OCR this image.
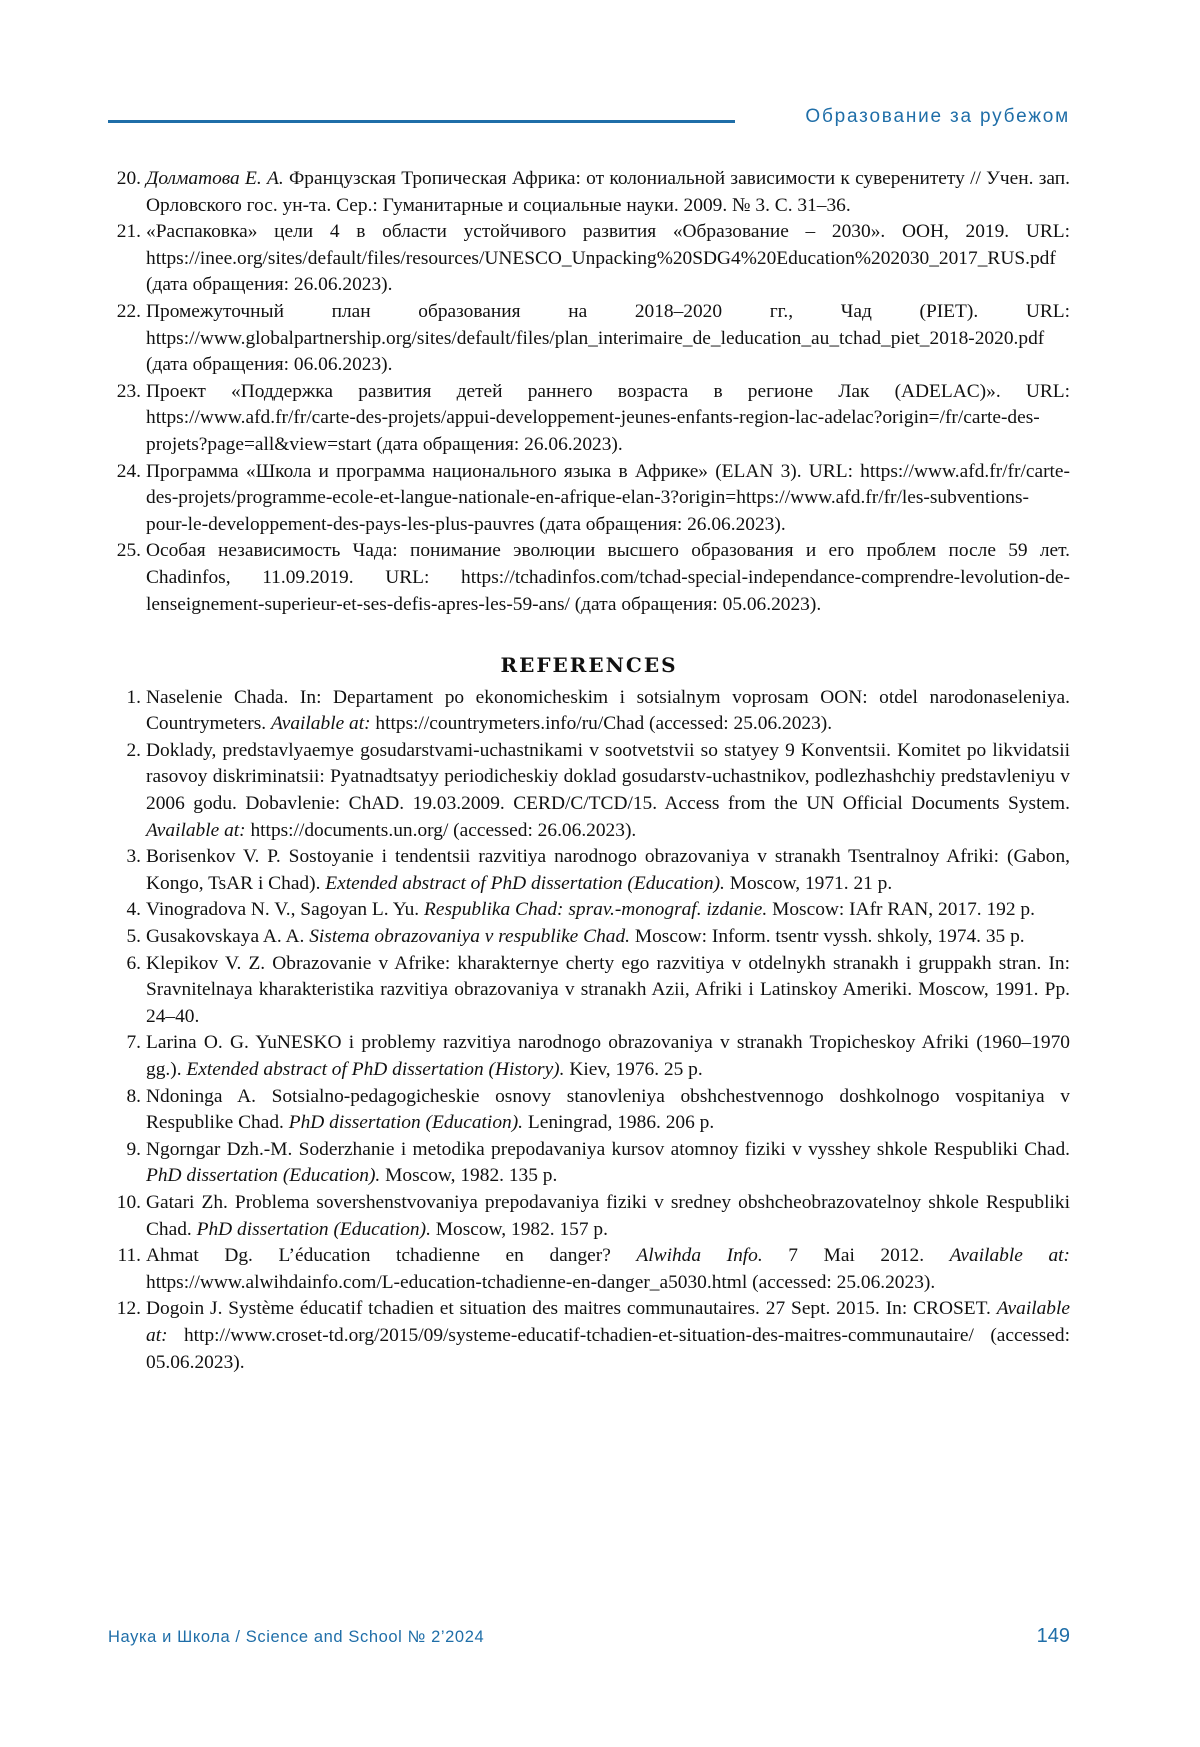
Образование за рубежом
20. Долматова Е. А. Французская Тропическая Африка: от колониальной зависимости к суверенитету // Учен. зап. Орловского гос. ун-та. Сер.: Гуманитарные и социальные науки. 2009. № 3. С. 31–36.
21. «Распаковка» цели 4 в области устойчивого развития «Образование – 2030». ООН, 2019. URL: https://inee.org/sites/default/files/resources/UNESCO_Unpacking%20SDG4%20Education%202030_2017_RUS.pdf (дата обращения: 26.06.2023).
22. Промежуточный план образования на 2018–2020 гг., Чад (PIET). URL: https://www.globalpartnership.org/sites/default/files/plan_interimaire_de_leducation_au_tchad_piet_2018-2020.pdf (дата обращения: 06.06.2023).
23. Проект «Поддержка развития детей раннего возраста в регионе Лак (ADELAC)». URL: https://www.afd.fr/fr/carte-des-projets/appui-developpement-jeunes-enfants-region-lac-adelac?origin=/fr/carte-des-projets?page=all&view=start (дата обращения: 26.06.2023).
24. Программа «Школа и программа национального языка в Африке» (ELAN 3). URL: https://www.afd.fr/fr/carte-des-projets/programme-ecole-et-langue-nationale-en-afrique-elan-3?origin=https://www.afd.fr/fr/les-subventions-pour-le-developpement-des-pays-les-plus-pauvres (дата обращения: 26.06.2023).
25. Особая независимость Чада: понимание эволюции высшего образования и его проблем после 59 лет. Chadinfos, 11.09.2019. URL: https://tchadinfos.com/tchad-special-independance-comprendre-levolution-de-lenseignement-superieur-et-ses-defis-apres-les-59-ans/ (дата обращения: 05.06.2023).
REFERENCES
1. Naselenie Chada. In: Departament po ekonomicheskim i sotsialnym voprosam OON: otdel narodonaseleniya. Countrymeters. Available at: https://countrymeters.info/ru/Chad (accessed: 25.06.2023).
2. Doklady, predstavlyaemye gosudarstvami-uchastnikami v sootvetstvii so statyey 9 Konventsii. Komitet po likvidatsii rasovoy diskriminatsii: Pyatnadtsatyy periodicheskiy doklad gosudarstv-uchastnikov, podlezhashchiy predstavleniyu v 2006 godu. Dobavlenie: ChAD. 19.03.2009. CERD/C/TCD/15. Access from the UN Official Documents System. Available at: https://documents.un.org/ (accessed: 26.06.2023).
3. Borisenkov V. P. Sostoyanie i tendentsii razvitiya narodnogo obrazovaniya v stranakh Tsentralnoy Afriki: (Gabon, Kongo, TsAR i Chad). Extended abstract of PhD dissertation (Education). Moscow, 1971. 21 p.
4. Vinogradova N. V., Sagoyan L. Yu. Respublika Chad: sprav.-monograf. izdanie. Moscow: IAfr RAN, 2017. 192 p.
5. Gusakovskaya A. A. Sistema obrazovaniya v respublike Chad. Moscow: Inform. tsentr vyssh. shkoly, 1974. 35 p.
6. Klepikov V. Z. Obrazovanie v Afrike: kharakternye cherty ego razvitiya v otdelnykh stranakh i gruppakh stran. In: Sravnitelnaya kharakteristika razvitiya obrazovaniya v stranakh Azii, Afriki i Latinskoy Ameriki. Moscow, 1991. Pp. 24–40.
7. Larina O. G. YuNESKO i problemy razvitiya narodnogo obrazovaniya v stranakh Tropicheskoy Afriki (1960–1970 gg.). Extended abstract of PhD dissertation (History). Kiev, 1976. 25 p.
8. Ndoninga A. Sotsialno-pedagogicheskie osnovy stanovleniya obshchestvennogo doshkolnogo vospitaniya v Respublike Chad. PhD dissertation (Education). Leningrad, 1986. 206 p.
9. Ngorngar Dzh.-M. Soderzhanie i metodika prepodavaniya kursov atomnoy fiziki v vysshey shkole Respubliki Chad. PhD dissertation (Education). Moscow, 1982. 135 p.
10. Gatari Zh. Problema sovershenstvovaniya prepodavaniya fiziki v sredney obshcheobrazovatelnoy shkole Respubliki Chad. PhD dissertation (Education). Moscow, 1982. 157 p.
11. Ahmat Dg. L’éducation tchadienne en danger? Alwihda Info. 7 Mai 2012. Available at: https://www.alwihdainfo.com/L-education-tchadienne-en-danger_a5030.html (accessed: 25.06.2023).
12. Dogoin J. Système éducatif tchadien et situation des maitres communautaires. 27 Sept. 2015. In: CROSET. Available at: http://www.croset-td.org/2015/09/systeme-educatif-tchadien-et-situation-des-maitres-communautaire/ (accessed: 05.06.2023).
Наука и Школа / Science and School № 2’2024	149
